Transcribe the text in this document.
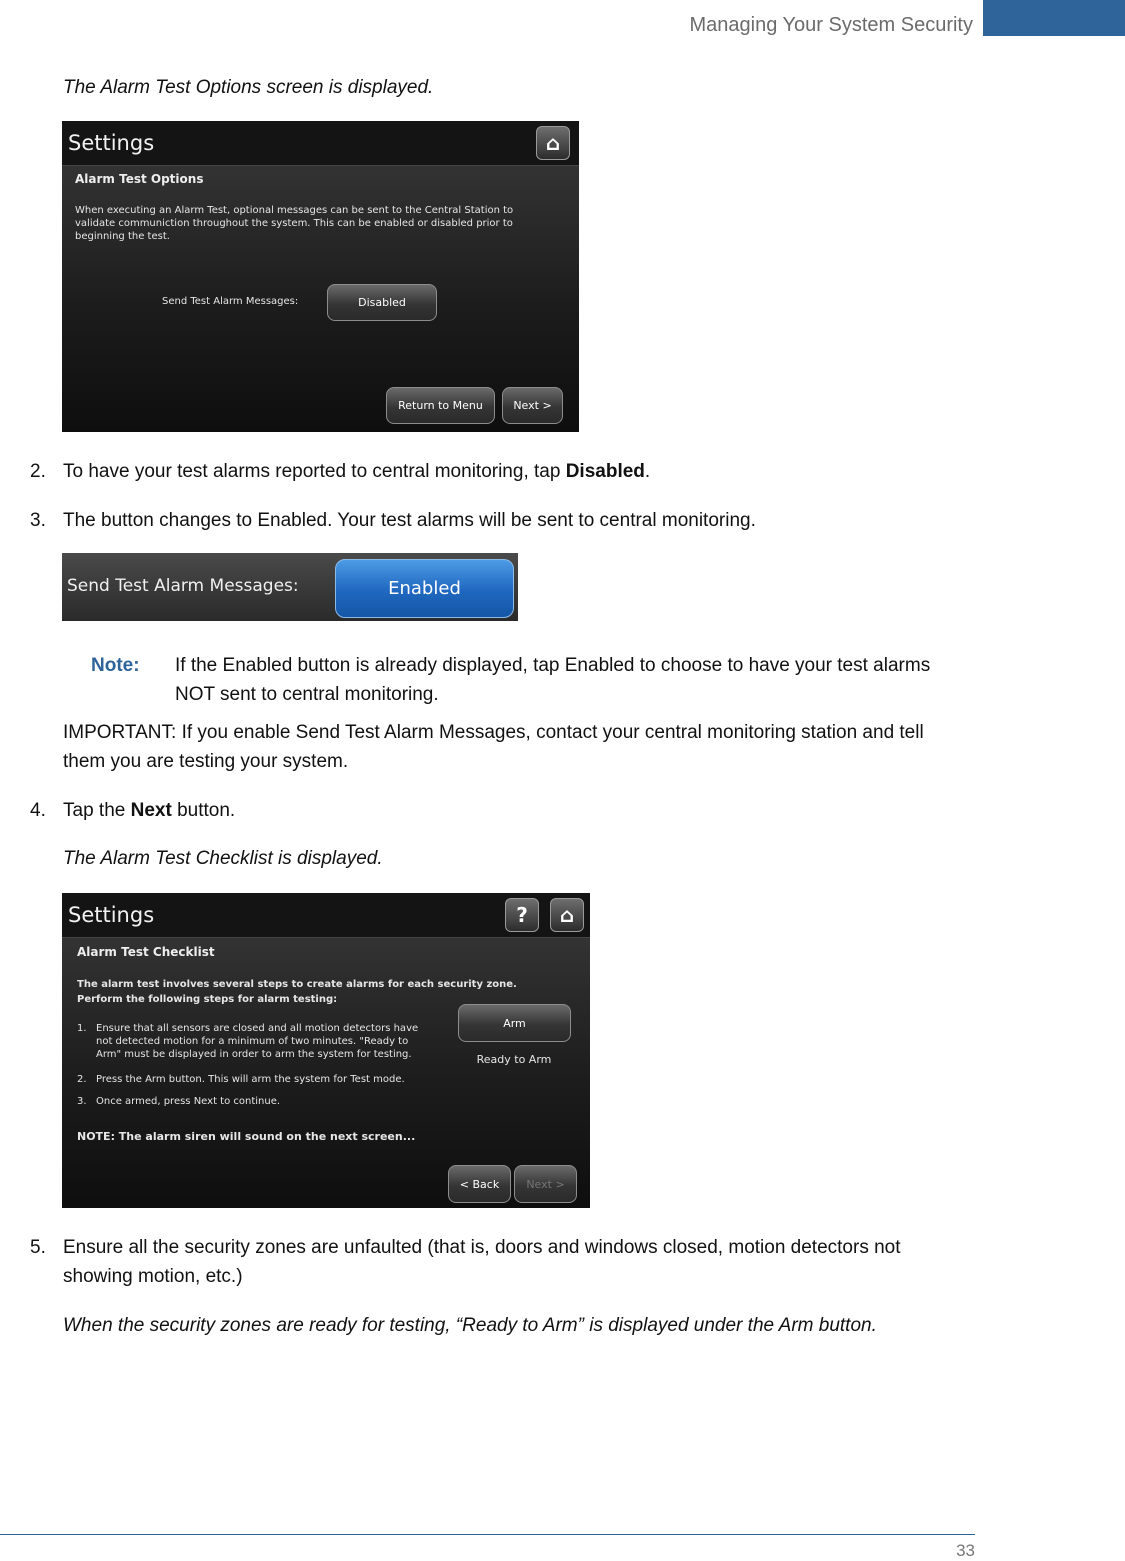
Managing Your System Security
The Alarm Test Options screen is displayed.
Settings	⌂
Alarm Test Options
When executing an Alarm Test, optional messages can be sent to the Central Station to validate communiction throughout the system. This can be enabled or disabled prior to beginning the test.
Send Test Alarm Messages:	Disabled
Return to Menu	Next >
2. To have your test alarms reported to central monitoring, tap Disabled.
3. The button changes to Enabled. Your test alarms will be sent to central monitoring.
Send Test Alarm Messages:	Enabled
Note: If the Enabled button is already displayed, tap Enabled to choose to have your test alarms NOT sent to central monitoring.
IMPORTANT: If you enable Send Test Alarm Messages, contact your central monitoring station and tell them you are testing your system.
4. Tap the Next button.
The Alarm Test Checklist is displayed.
Settings	?	⌂
Alarm Test Checklist
The alarm test involves several steps to create alarms for each security zone.
Perform the following steps for alarm testing:
1. Ensure that all sensors are closed and all motion detectors have not detected motion for a minimum of two minutes. "Ready to Arm" must be displayed in order to arm the system for testing.
2. Press the Arm button. This will arm the system for Test mode.
3. Once armed, press Next to continue.
NOTE: The alarm siren will sound on the next screen...
Arm
Ready to Arm
< Back	Next >
5. Ensure all the security zones are unfaulted (that is, doors and windows closed, motion detectors not showing motion, etc.)
When the security zones are ready for testing, “Ready to Arm” is displayed under the Arm button.
33
